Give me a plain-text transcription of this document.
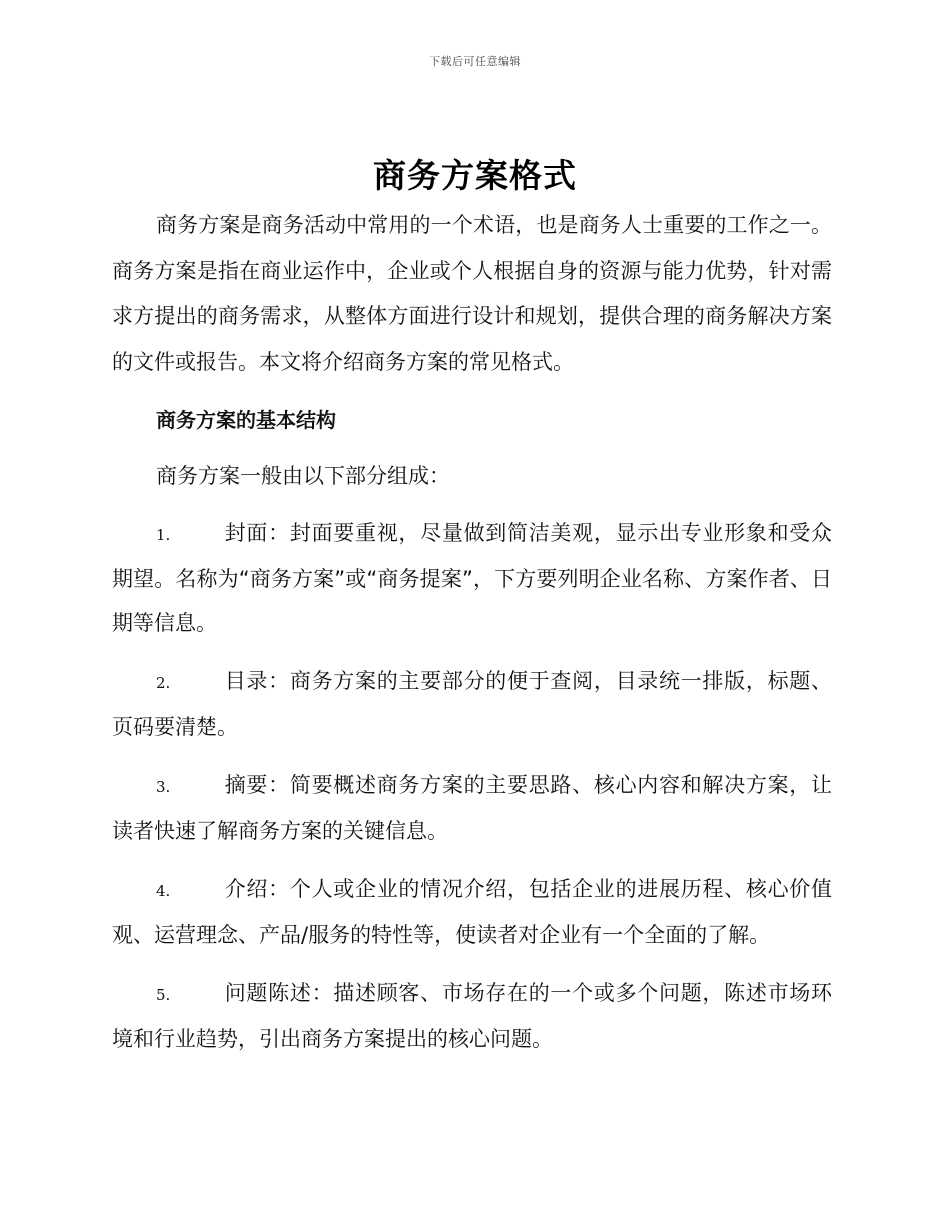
下载后可任意编辑
商务方案格式

商务方案是商务活动中常用的一个术语，也是商务人士重要的工作之一。商务方案是指在商业运作中，企业或个人根据自身的资源与能力优势，针对需求方提出的商务需求，从整体方面进行设计和规划，提供合理的商务解决方案的文件或报告。本文将介绍商务方案的常见格式。

商务方案的基本结构

商务方案一般由以下部分组成：

1.	封面：封面要重视，尽量做到简洁美观，显示出专业形象和受众期望。名称为“商务方案”或“商务提案”，下方要列明企业名称、方案作者、日期等信息。

2.	目录：商务方案的主要部分的便于查阅，目录统一排版，标题、页码要清楚。

3.	摘要：简要概述商务方案的主要思路、核心内容和解决方案，让读者快速了解商务方案的关键信息。

4.	介绍：个人或企业的情况介绍，包括企业的进展历程、核心价值观、运营理念、产品/服务的特性等，使读者对企业有一个全面的了解。

5.	问题陈述：描述顾客、市场存在的一个或多个问题，陈述市场环境和行业趋势，引出商务方案提出的核心问题。
